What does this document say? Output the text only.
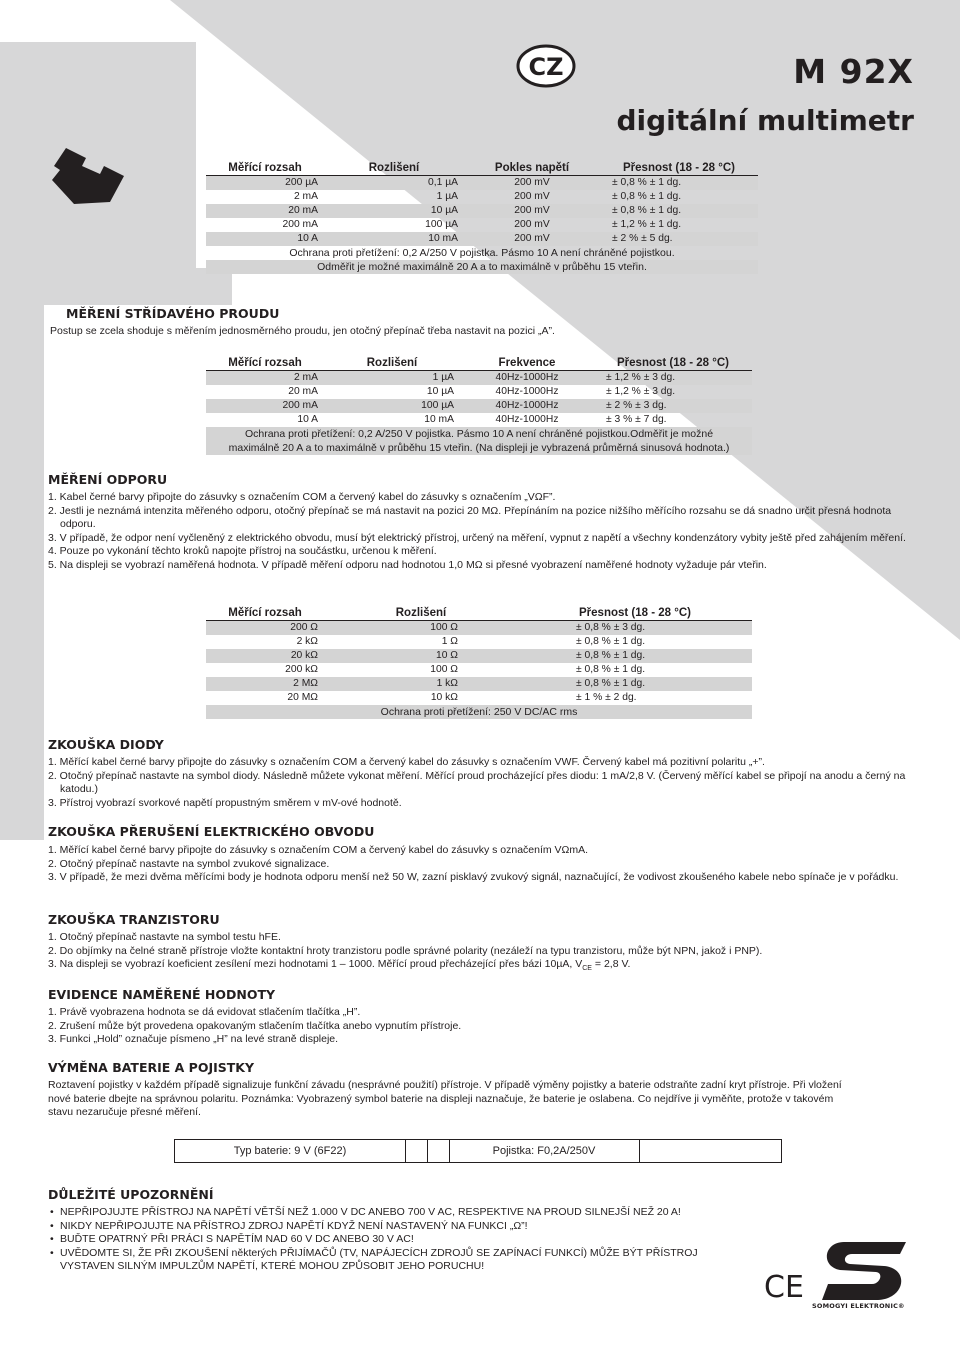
CZ	M 92X
digitální multimetr
Měřící rozsah	Rozlišení	Pokles napětí	Přesnost (18 - 28 °C)
200 µA	0,1 µA	200 mV	± 0,8 % ± 1 dg.
2 mA	1 µA	200 mV	± 0,8 % ± 1 dg.
20 mA	10 µA	200 mV	± 0,8 % ± 1 dg.
200 mA	100 µA	200 mV	± 1,2 % ± 1 dg.
10 A	10 mA	200 mV	± 2 % ± 5 dg.
Ochrana proti přetížení: 0,2 A/250 V pojistka. Pásmo 10 A není chráněné pojistkou.			
Odměřit je možné maximálně 20 A a to maximálně v průběhu 15 vteřin.			
MĚŘENÍ STŘÍDAVÉHO PROUDU
Postup se zcela shoduje s měřením jednosměrného proudu, jen otočný přepínač třeba nastavit na pozici „A”.
Měřící rozsah	Rozlišení	Frekvence	Přesnost (18 - 28 °C)
2 mA	1 µA	40Hz-1000Hz	± 1,2 % ± 3 dg.
20 mA	10 µA	40Hz-1000Hz	± 1,2 % ± 3 dg.
200 mA	100 µA	40Hz-1000Hz	± 2 % ± 3 dg.
10 A	10 mA	40Hz-1000Hz	± 3 % ± 7 dg.
Ochrana proti přetížení: 0,2 A/250 V pojistka. Pásmo 10 A není chráněné pojistkou.Odměřit je možné			
maximálně 20 A a to maximálně v průběhu 15 vteřin. (Na displeji je vybrazená průměrná sinusová hodnota.)			
MĚŘENÍ ODPORU
1. Kabel černé barvy připojte do zásuvky s označením COM a červený kabel do zásuvky s označením „VΩF”.
2. Jestli je neznámá intenzita měřeného odporu, otočný přepínač se má nastavit na pozici 20 MΩ. Přepínáním na pozice nižšího měřícího rozsahu se dá snadno určit přesná hodnota odporu.
3. V případě, že odpor není vyčleněný z elektrického obvodu, musí být elektrický přístroj, určený na měření, vypnut z napětí a všechny kondenzátory vybity ještě před zahájením měření.
4. Pouze po vykonání těchto kroků napojte přístroj na součástku, určenou k měření.
5. Na displeji se vyobrazí naměřená hodnota. V případě měření odporu nad hodnotou 1,0 MΩ si přesné vyobrazení naměřené hodnoty vyžaduje pár vteřin.
Měřící rozsah	Rozlišení	Přesnost (18 - 28 °C)
200 Ω	100 Ω	± 0,8 % ± 3 dg.
2 kΩ	1 Ω	± 0,8 % ± 1 dg.
20 kΩ	10 Ω	± 0,8 % ± 1 dg.
200 kΩ	100 Ω	± 0,8 % ± 1 dg.
2 MΩ	1 kΩ	± 0,8 % ± 1 dg.
20 MΩ	10 kΩ	± 1 % ± 2 dg.
Ochrana proti přetížení: 250 V DC/AC rms		
ZKOUŠKA DIODY
1. Měřící kabel černé barvy připojte do zásuvky s označením COM a červený kabel do zásuvky s označením VWF. Červený kabel má pozitivní polaritu „+”.
2. Otočný přepínač nastavte na symbol diody. Následně můžete vykonat měření. Měřící proud procházející přes diodu: 1 mA/2,8 V. (Červený měřící kabel se připojí na anodu a černý na katodu.)
3. Přístroj vyobrazí svorkové napětí propustným směrem v mV-ové hodnotě.
ZKOUŠKA PŘERUŠENÍ ELEKTRICKÉHO OBVODU
1. Měřící kabel černé barvy připojte do zásuvky s označením COM a červený kabel do zásuvky s označením VΩmA.
2. Otočný přepínač nastavte na symbol zvukové signalizace.
3. V případě, že mezi dvěma měřícími body je hodnota odporu menší než 50 W, zazní pisklavý zvukový signál, naznačující, že vodivost zkoušeného kabele nebo spínače je v pořádku.
ZKOUŠKA TRANZISTORU
1. Otočný přepínač nastavte na symbol testu hFE.
2. Do objímky na čelné straně přístroje vložte kontaktní hroty tranzistoru podle správné polarity (nezáleží na typu tranzistoru, může být NPN, jakož i PNP).
3. Na displeji se vyobrazí koeficient zesílení mezi hodnotami 1 – 1000. Měřící proud přecházející přes bázi 10µA, $V_{CE} = 2,8$ V.
EVIDENCE NAMĚŘENÉ HODNOTY
1. Právě vyobrazena hodnota se dá evidovat stlačením tlačítka „H”.
2. Zrušení může být provedena opakovaným stlačením tlačítka anebo vypnutím přístroje.
3. Funkci „Hold” označuje písmeno „H” na levé straně displeje.
VÝMĚNA BATERIE A POJISTKY
Roztavení pojistky v každém případě signalizuje funkční závadu (nesprávné použití) přístroje. V případě výměny pojistky a baterie odstraňte zadní kryt přístroje. Při vložení nové baterie dbejte na správnou polaritu. Poznámka: Vyobrazený symbol baterie na displeji naznačuje, že baterie je oslabena. Co nejdříve ji vyměňte, protože v takovém stavu nezaručuje přesné měření.
Typ baterie: 9 V (6F22)	Pojistka: F0,2A/250V
DŮLEŽITÉ UPOZORNĚNÍ
• NEPŘIPOJUJTE PŘÍSTROJ NA NAPĚTÍ VĚTŠÍ NEŽ 1.000 V DC ANEBO 700 V AC, RESPEKTIVE NA PROUD SILNEJŠÍ NEŽ 20 A!
• NIKDY NEPŘIPOJUJTE NA PŘÍSTROJ ZDROJ NAPĚTÍ KDYŽ NENÍ NASTAVENÝ NA FUNKCI „Ω”!
• BUĎTE OPATRNÝ PŘI PRÁCI S NAPĚTÍM NAD 60 V DC ANEBO 30 V AC!
• UVĚDOMTE SI, ŽE PŘI ZKOUŠENÍ některých PŘIJÍMAČŮ (TV, NAPÁJECÍCH ZDROJŮ SE ZAPÍNACÍ FUNKCÍ) MŮŽE BÝT PŘÍSTROJ VYSTAVEN SILNÝM IMPULZŮM NAPĚTÍ, KTERÉ MOHOU ZPŮSOBIT JEHO PORUCHU!
CE
SOMOGYI ELEKTRONIC®
